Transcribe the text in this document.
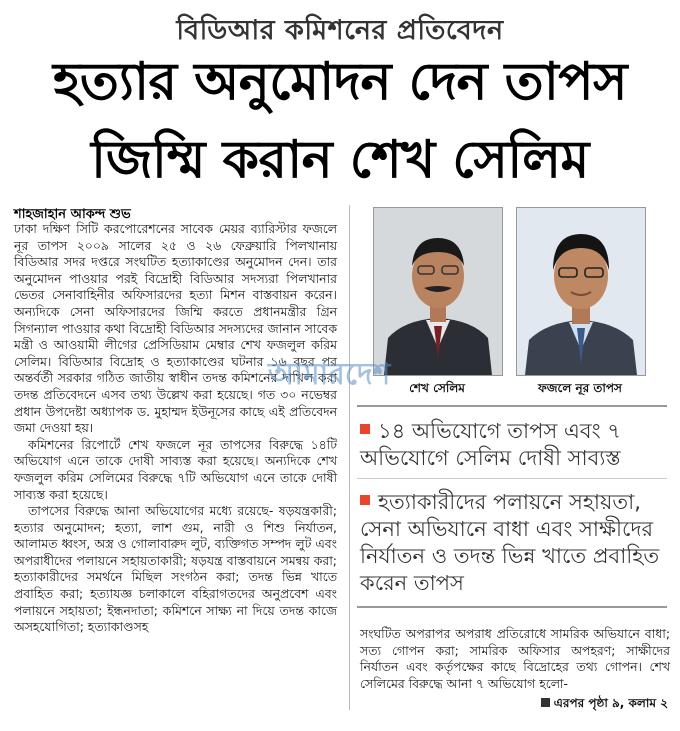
বিডিআর কমিশনের প্রতিবেদন
হত্যার অনুমোদন দেন তাপস
জিম্মি করান শেখ সেলিম
শাহজাহান আকন্দ শুভ

ঢাকা দক্ষিণ সিটি করপোরেশনের সাবেক মেয়র ব্যারিস্টার ফজলে নূর তাপস ২০০৯ সালের ২৫ ও ২৬ ফেব্রুয়ারি পিলখানায় বিডিআর সদর দপ্তরে সংঘটিত হত্যাকাণ্ডের অনুমোদন দেন। তার অনুমোদন পাওয়ার পরই বিদ্রোহী বিডিআর সদস্যরা পিলখানার ভেতর সেনাবাহিনীর অফিসারদের হত্যা মিশন বাস্তবায়ন করেন। অন্যদিকে সেনা অফিসারদের জিম্মি করতে প্রধানমন্ত্রীর গ্রিন সিগন্যাল পাওয়ার কথা বিদ্রোহী বিডিআর সদস্যদের জানান সাবেক মন্ত্রী ও আওয়ামী লীগের প্রেসিডিয়াম মেম্বার শেখ ফজলুল করিম সেলিম। বিডিআর বিদ্রোহ ও হত্যাকাণ্ডের ঘটনার ১৬ বছর পর অন্তর্বর্তী সরকার গঠিত জাতীয় স্বাধীন তদন্ত কমিশনের দাখিল করা তদন্ত প্রতিবেদনে এসব তথ্য উল্লেখ করা হয়েছে। গত ৩০ নভেম্বর প্রধান উপদেষ্টা অধ্যাপক ড. মুহাম্মদ ইউনূসের কাছে এই প্রতিবেদন জমা দেওয়া হয়।

কমিশনের রিপোর্টে শেখ ফজলে নূর তাপসের বিরুদ্ধে ১৪টি অভিযোগ এনে তাকে দোষী সাব্যস্ত করা হয়েছে। অন্যদিকে শেখ ফজলুল করিম সেলিমের বিরুদ্ধে ৭টি অভিযোগ এনে তাকে দোষী সাব্যস্ত করা হয়েছে।

তাপসের বিরুদ্ধে আনা অভিযোগের মধ্যে রয়েছে- ষড়যন্ত্রকারী; হত্যার অনুমোদন; হত্যা, লাশ গুম, নারী ও শিশু নির্যাতন, আলামত ধ্বংস, অস্ত্র ও গোলাবারুদ লুট, ব্যক্তিগত সম্পদ লুট এবং অপরাধীদের পলায়নে সহায়তাকারী; ষড়যন্ত্র বাস্তবায়নে সমন্বয় করা; হত্যাকারীদের সমর্থনে মিছিল সংগঠন করা; তদন্ত ভিন্ন খাতে প্রবাহিত করা; হত্যাযজ্ঞ চলাকালে বহিরাগতদের অনুপ্রবেশ এবং পলায়নে সহায়তা; ইন্ধনদাতা; কমিশনে সাক্ষ্য না দিয়ে তদন্ত কাজে অসহযোগিতা; হত্যাকাণ্ডসহ

শেখ সেলিম	ফজলে নূর তাপস
আমারদেশ
১৪ অভিযোগে তাপস এবং ৭ অভিযোগে সেলিম দোষী সাব্যস্ত
হত্যাকারীদের পলায়নে সহায়তা, সেনা অভিযানে বাধা এবং সাক্ষীদের নির্যাতন ও তদন্ত ভিন্ন খাতে প্রবাহিত করেন তাপস
সংঘটিত অপরাপর অপরাধ প্রতিরোধে সামরিক অভিযানে বাধা; সত্য গোপন করা; সামরিক অফিসার অপহরণ; সাক্ষীদের নির্যাতন এবং কর্তৃপক্ষের কাছে বিদ্রোহের তথ্য গোপন। শেখ সেলিমের বিরুদ্ধে আনা ৭ অভিযোগ হলো-
এরপর পৃষ্ঠা ৯, কলাম ২
